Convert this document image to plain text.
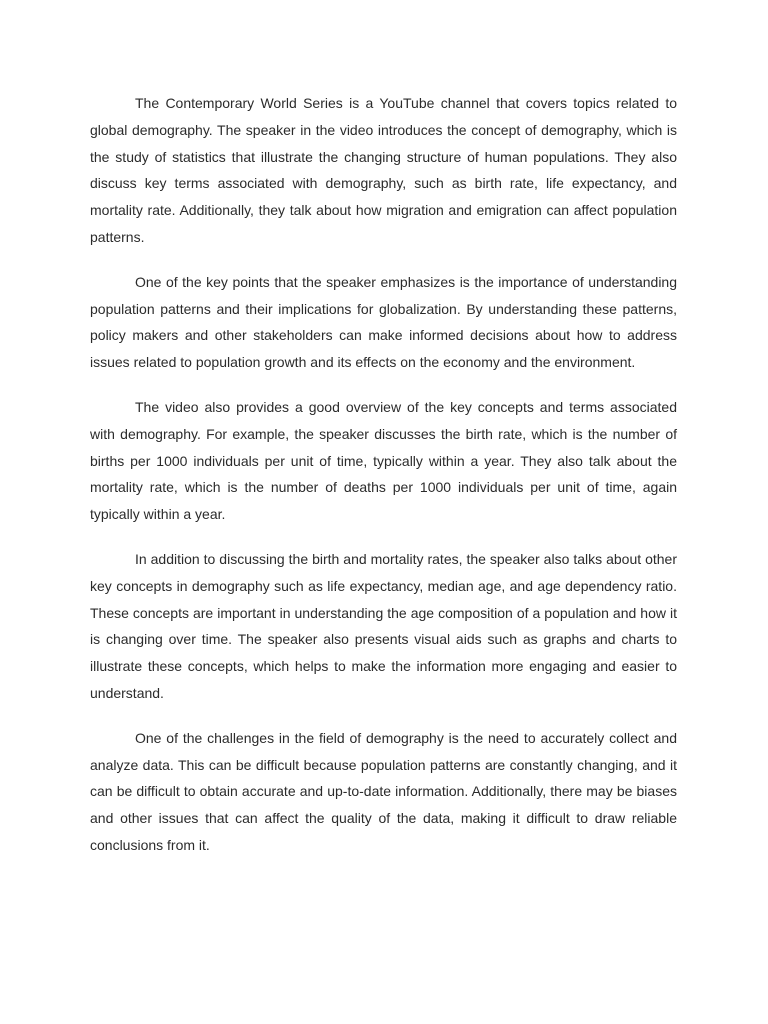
The Contemporary World Series is a YouTube channel that covers topics related to global demography. The speaker in the video introduces the concept of demography, which is the study of statistics that illustrate the changing structure of human populations. They also discuss key terms associated with demography, such as birth rate, life expectancy, and mortality rate. Additionally, they talk about how migration and emigration can affect population patterns.

One of the key points that the speaker emphasizes is the importance of understanding population patterns and their implications for globalization. By understanding these patterns, policy makers and other stakeholders can make informed decisions about how to address issues related to population growth and its effects on the economy and the environment.

The video also provides a good overview of the key concepts and terms associated with demography. For example, the speaker discusses the birth rate, which is the number of births per 1000 individuals per unit of time, typically within a year. They also talk about the mortality rate, which is the number of deaths per 1000 individuals per unit of time, again typically within a year.

In addition to discussing the birth and mortality rates, the speaker also talks about other key concepts in demography such as life expectancy, median age, and age dependency ratio. These concepts are important in understanding the age composition of a population and how it is changing over time. The speaker also presents visual aids such as graphs and charts to illustrate these concepts, which helps to make the information more engaging and easier to understand.

One of the challenges in the field of demography is the need to accurately collect and analyze data. This can be difficult because population patterns are constantly changing, and it can be difficult to obtain accurate and up-to-date information. Additionally, there may be biases and other issues that can affect the quality of the data, making it difficult to draw reliable conclusions from it.
